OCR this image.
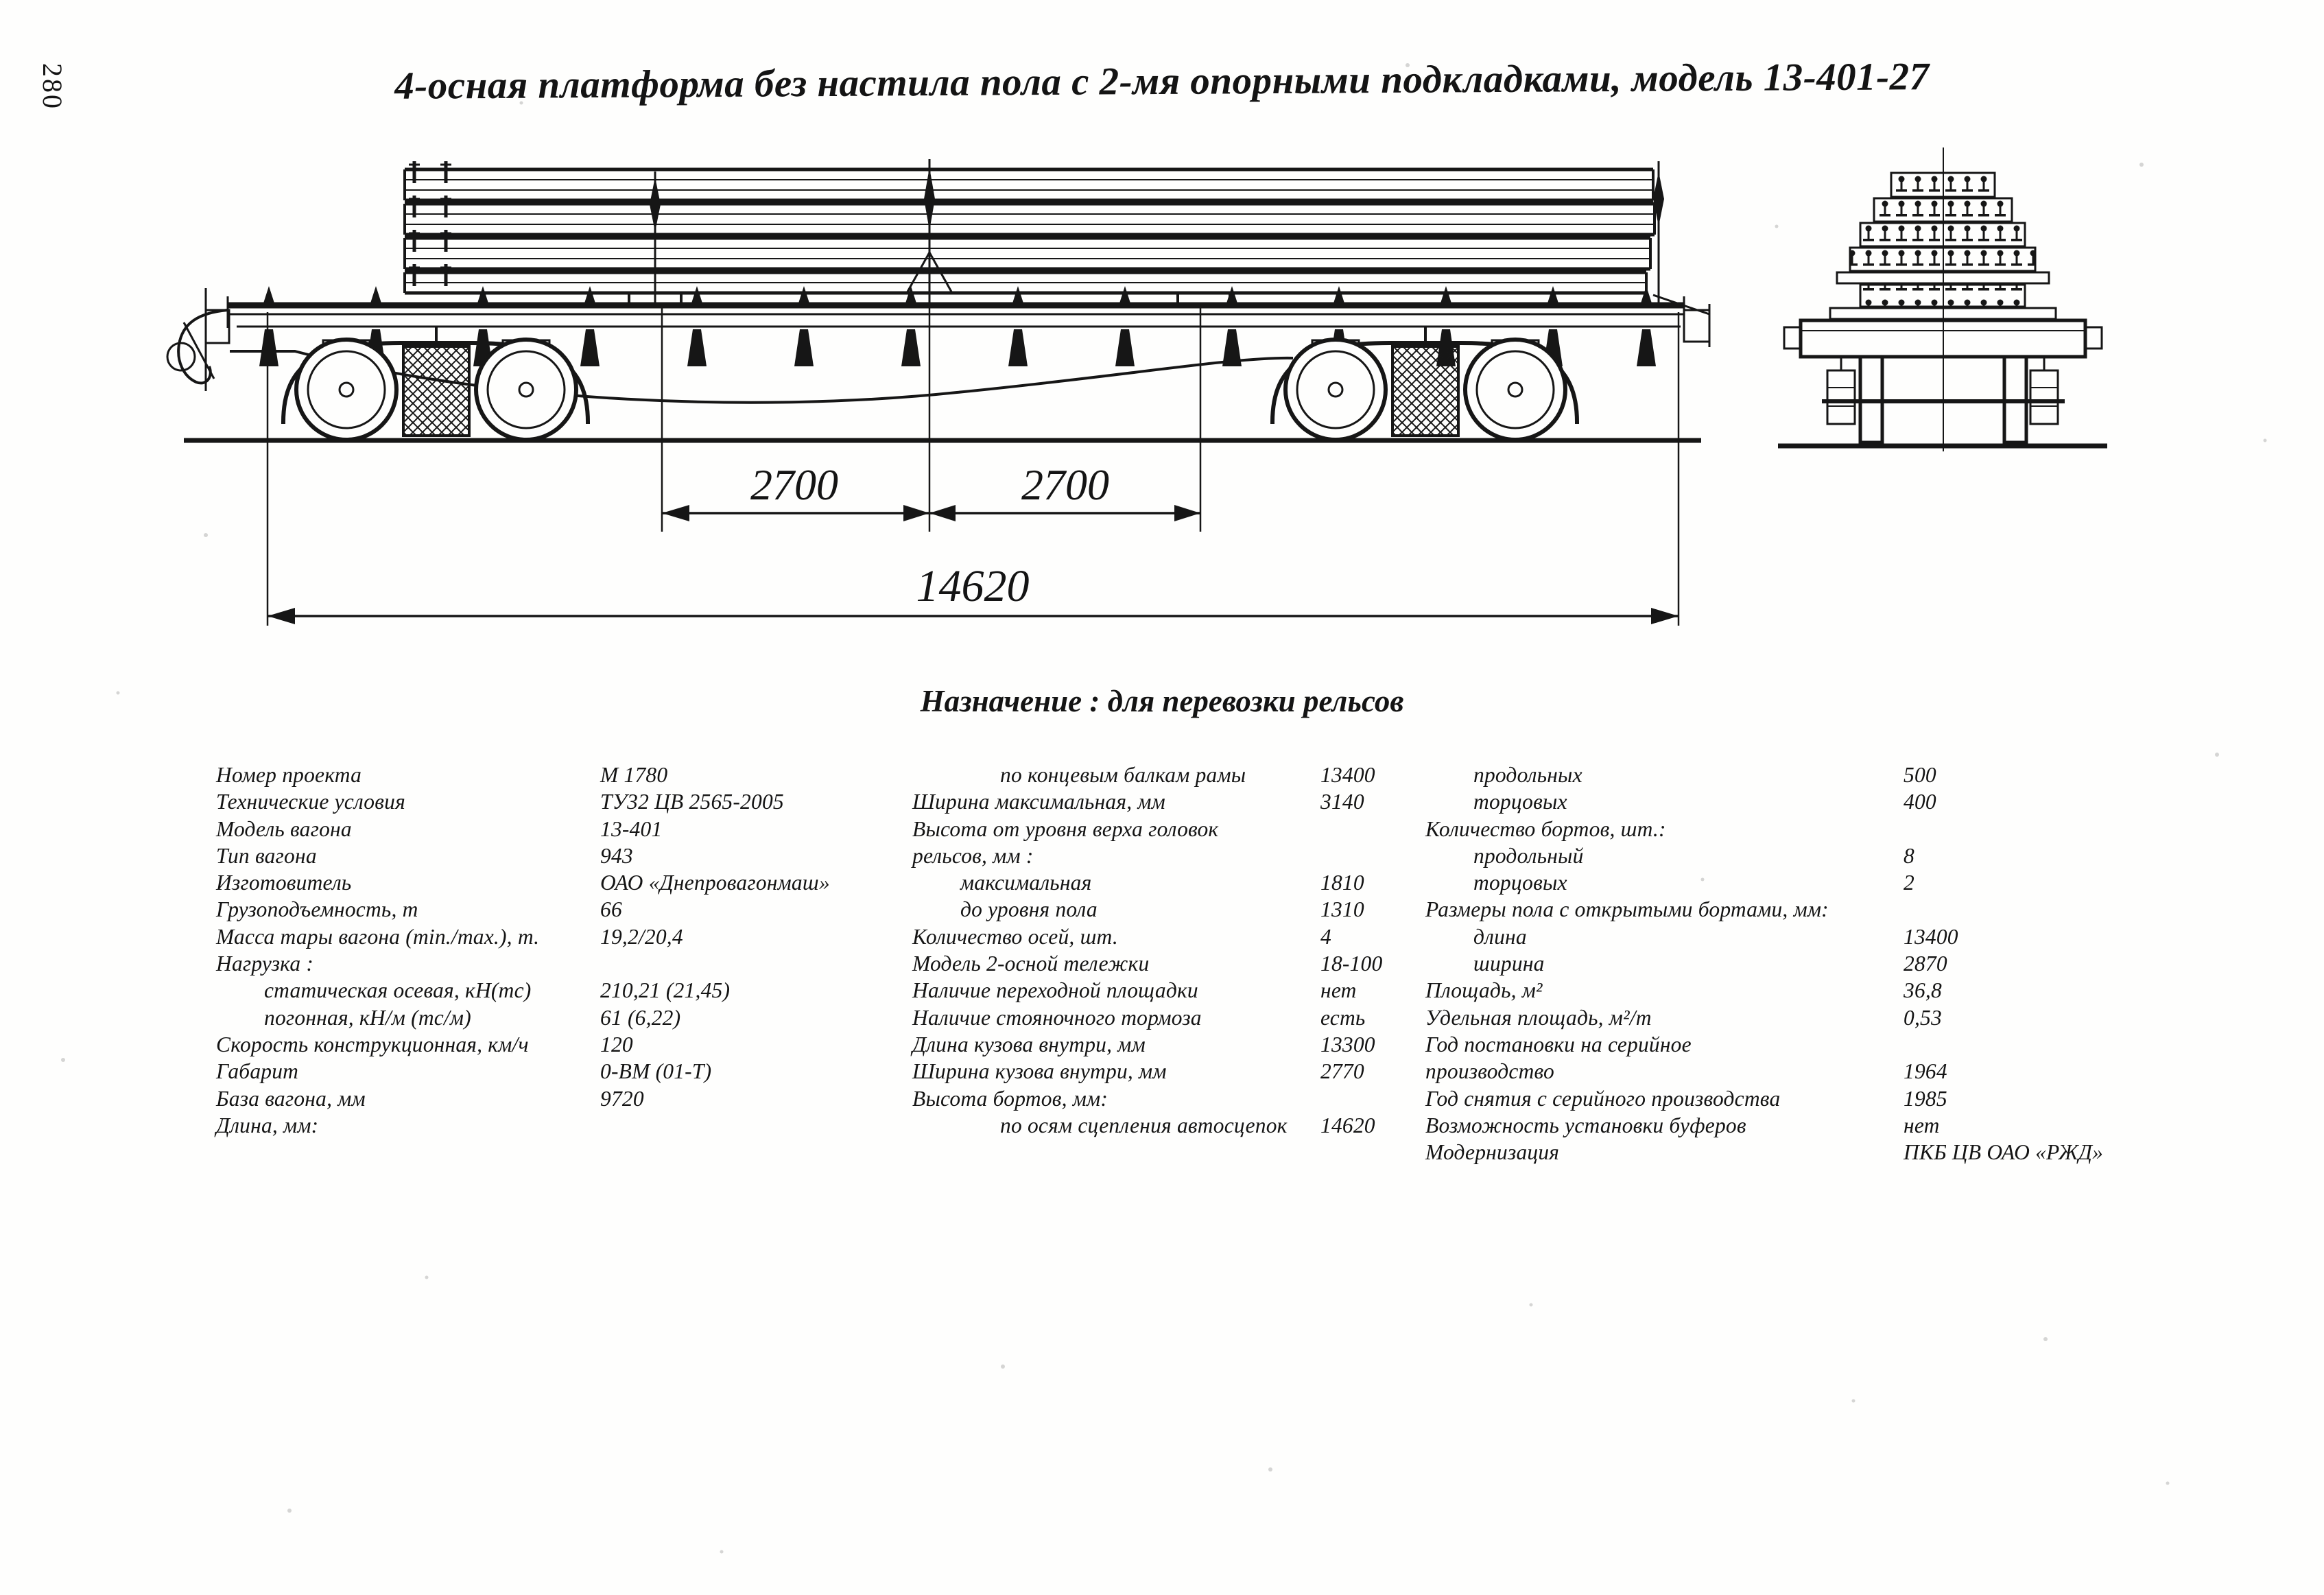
2700	2700
14620
280	4-осная платформа без настила пола с 2-мя опорными подкладками, модель 13-401-27
Назначение : для перевозки рельсов
Номер проекта	М 1780
Технические условия	ТУ32 ЦВ 2565-2005
Модель вагона	13-401
Тип вагона	943
Изготовитель	ОАО «Днепровагонмаш»
Грузоподъемность, т	66
Масса тары вагона (min./max.), т.	19,2/20,4
Нагрузка :
статическая осевая, кН(тс)	210,21 (21,45)
погонная, кН/м (тс/м)	61 (6,22)
Скорость конструкционная, км/ч	120
Габарит	0-ВМ (01-Т)
База вагона, мм	9720
Длина, мм:
по концевым балкам рамы	13400
Ширина максимальная, мм	3140
Высота от уровня верха головок
рельсов, мм :
максимальная	1810
до уровня пола	1310
Количество осей, шт.	4
Модель 2-осной тележки	18-100
Наличие переходной площадки	нет
Наличие стояночного тормоза	есть
Длина кузова внутри, мм	13300
Ширина кузова внутри, мм	2770
Высота бортов, мм:
по осям сцепления автосцепок 14620
продольных	500
торцовых	400
Количество бортов, шт.:
продольный	8
торцовых	2
Размеры пола с открытыми бортами, мм:
длина	13400
ширина	2870
Площадь, м²	36,8
Удельная площадь, м²/т	0,53
Год постановки на серийное
производство	1964
Год снятия с серийного производства	1985
Возможность установки буферов	нет
Модернизация	ПКБ ЦВ ОАО «РЖД»
